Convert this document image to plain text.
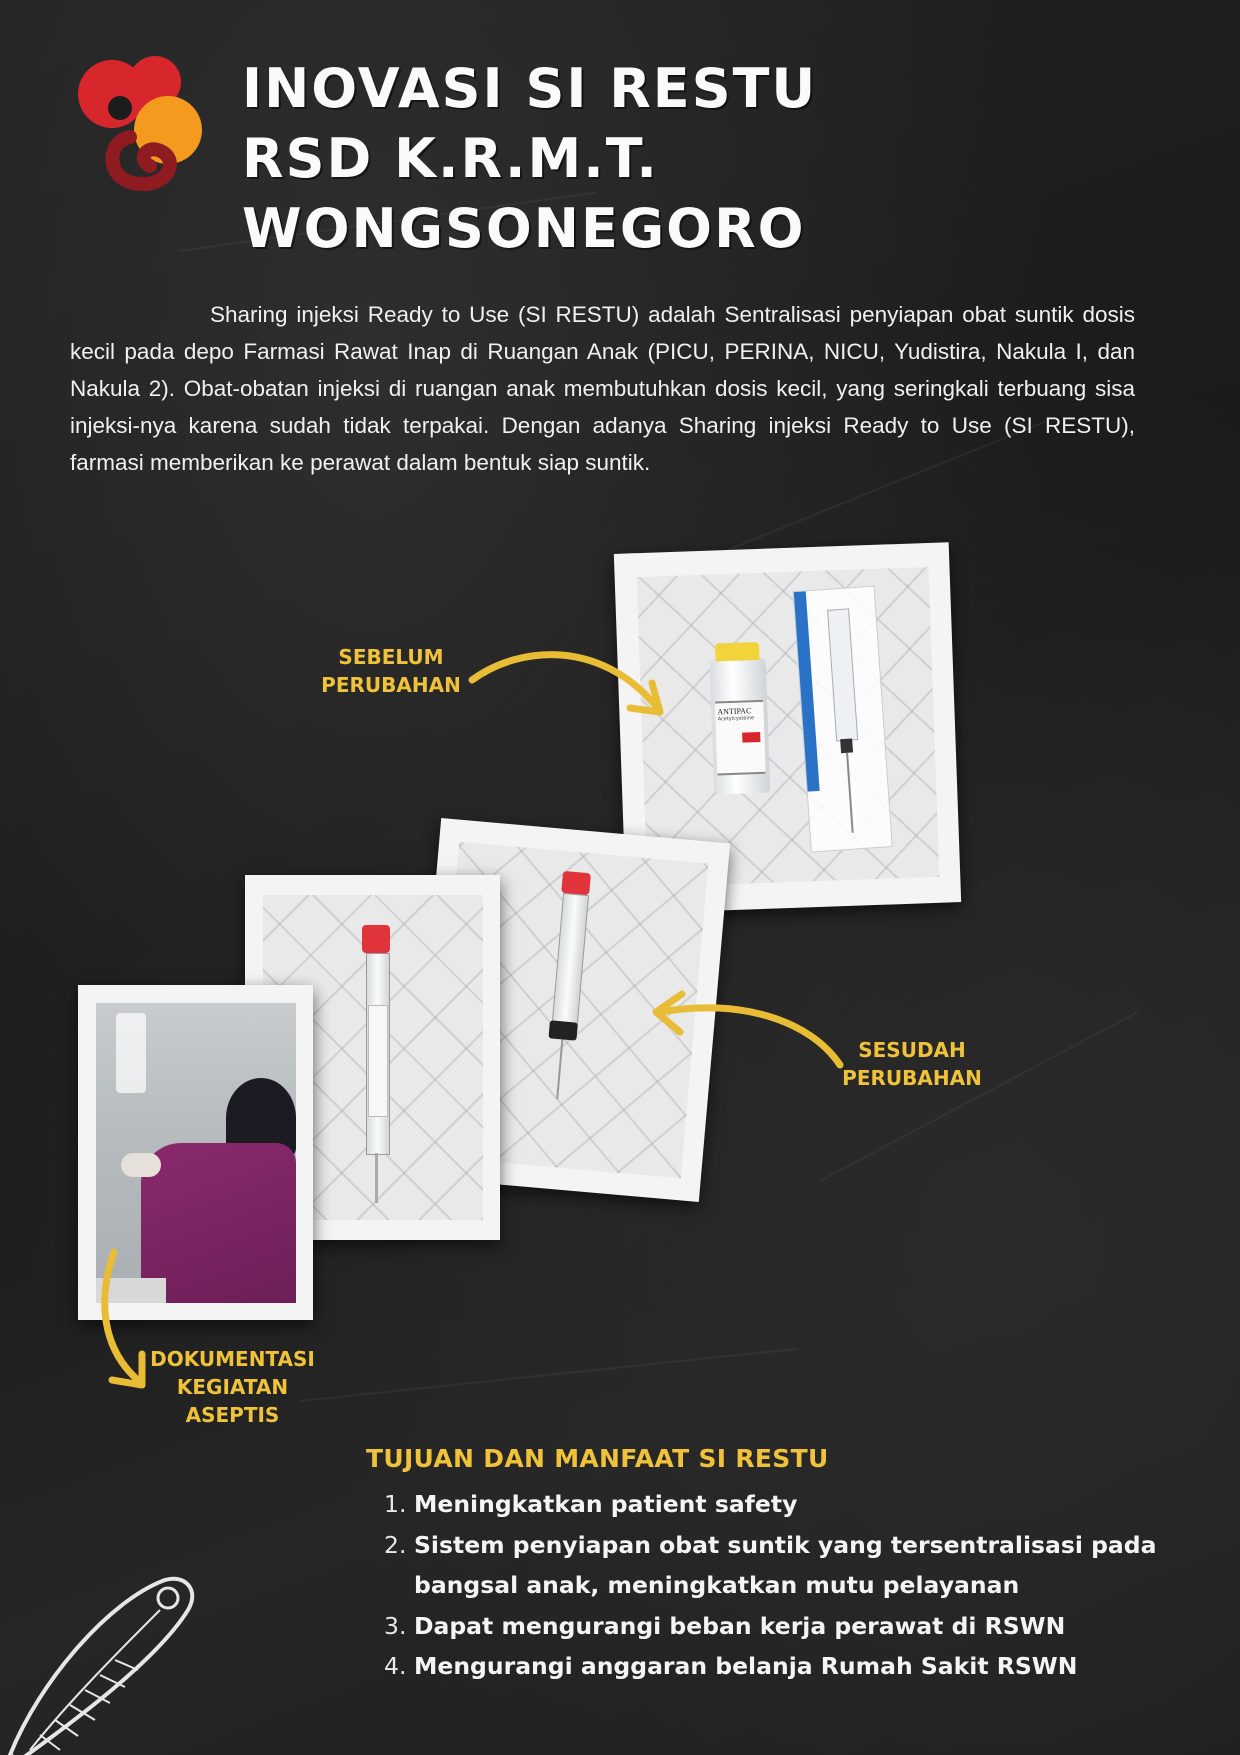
INOVASI SI RESTU
RSD K.R.M.T. WONGSONEGORO

Sharing injeksi Ready to Use (SI RESTU) adalah Sentralisasi penyiapan obat suntik dosis kecil pada depo Farmasi Rawat Inap di Ruangan Anak (PICU, PERINA, NICU, Yudistira, Nakula I, dan Nakula 2). Obat-obatan injeksi di ruangan anak membutuhkan dosis kecil, yang seringkali terbuang sisa injeksi-nya karena sudah tidak terpakai. Dengan adanya Sharing injeksi Ready to Use (SI RESTU), farmasi memberikan ke perawat dalam bentuk siap suntik.

ANTIPAC
Acetylcysteine

SEBELUM
PERUBAHAN

SESUDAH
PERUBAHAN

DOKUMENTASI
KEGIATAN
ASEPTIS

TUJUAN DAN MANFAAT SI RESTU
1. Meningkatkan patient safety
2. Sistem penyiapan obat suntik yang tersentralisasi pada bangsal anak, meningkatkan mutu pelayanan
3. Dapat mengurangi beban kerja perawat di RSWN
4. Mengurangi anggaran belanja Rumah Sakit RSWN
